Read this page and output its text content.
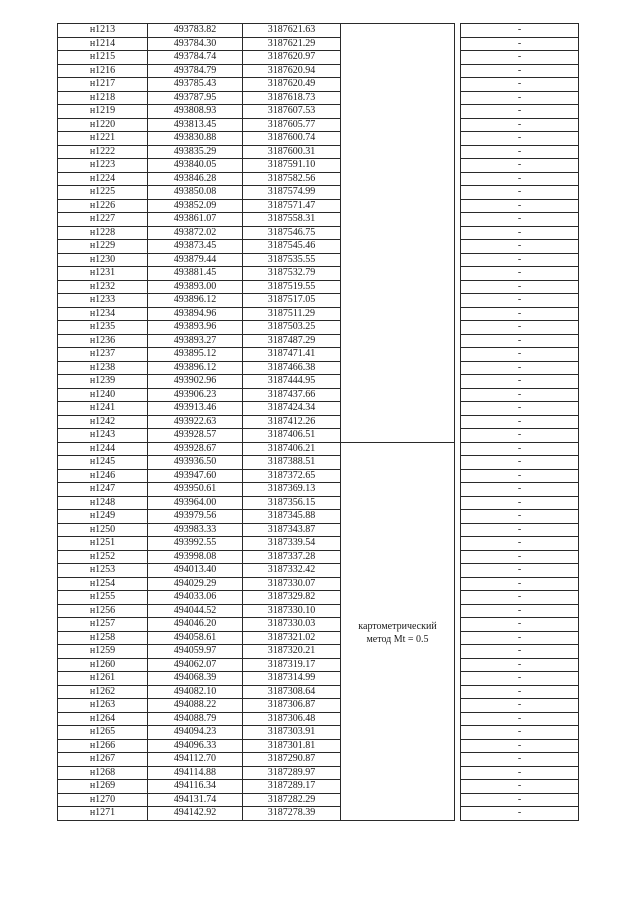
н1213	493783.82	3187621.63			-
н1214	493784.30	3187621.29			-
н1215	493784.74	3187620.97			-
н1216	493784.79	3187620.94			-
н1217	493785.43	3187620.49			-
н1218	493787.95	3187618.73			-
н1219	493808.93	3187607.53			-
н1220	493813.45	3187605.77			-
н1221	493830.88	3187600.74			-
н1222	493835.29	3187600.31			-
н1223	493840.05	3187591.10			-
н1224	493846.28	3187582.56			-
н1225	493850.08	3187574.99			-
н1226	493852.09	3187571.47			-
н1227	493861.07	3187558.31			-
н1228	493872.02	3187546.75			-
н1229	493873.45	3187545.46			-
н1230	493879.44	3187535.55			-
н1231	493881.45	3187532.79			-
н1232	493893.00	3187519.55			-
н1233	493896.12	3187517.05			-
н1234	493894.96	3187511.29			-
н1235	493893.96	3187503.25			-
н1236	493893.27	3187487.29			-
н1237	493895.12	3187471.41			-
н1238	493896.12	3187466.38			-
н1239	493902.96	3187444.95			-
н1240	493906.23	3187437.66			-
н1241	493913.46	3187424.34			-
н1242	493922.63	3187412.26			-
н1243	493928.57	3187406.51			-
н1244	493928.67	3187406.21			-
н1245	493936.50	3187388.51			-
н1246	493947.60	3187372.65			-
н1247	493950.61	3187369.13			-
н1248	493964.00	3187356.15			-
н1249	493979.56	3187345.88			-
н1250	493983.33	3187343.87			-
н1251	493992.55	3187339.54			-
н1252	493998.08	3187337.28			-
н1253	494013.40	3187332.42			-
н1254	494029.29	3187330.07			-
н1255	494033.06	3187329.82			-
н1256	494044.52	3187330.10			-
н1257	494046.20	3187330.03	картометрический		-
н1258	494058.61	3187321.02	метод Mt = 0.5		-
н1259	494059.97	3187320.21			-
н1260	494062.07	3187319.17			-
н1261	494068.39	3187314.99			-
н1262	494082.10	3187308.64			-
н1263	494088.22	3187306.87			-
н1264	494088.79	3187306.48			-
н1265	494094.23	3187303.91			-
н1266	494096.33	3187301.81			-
н1267	494112.70	3187290.87			-
н1268	494114.88	3187289.97			-
н1269	494116.34	3187289.17			-
н1270	494131.74	3187282.29			-
н1271	494142.92	3187278.39			-
